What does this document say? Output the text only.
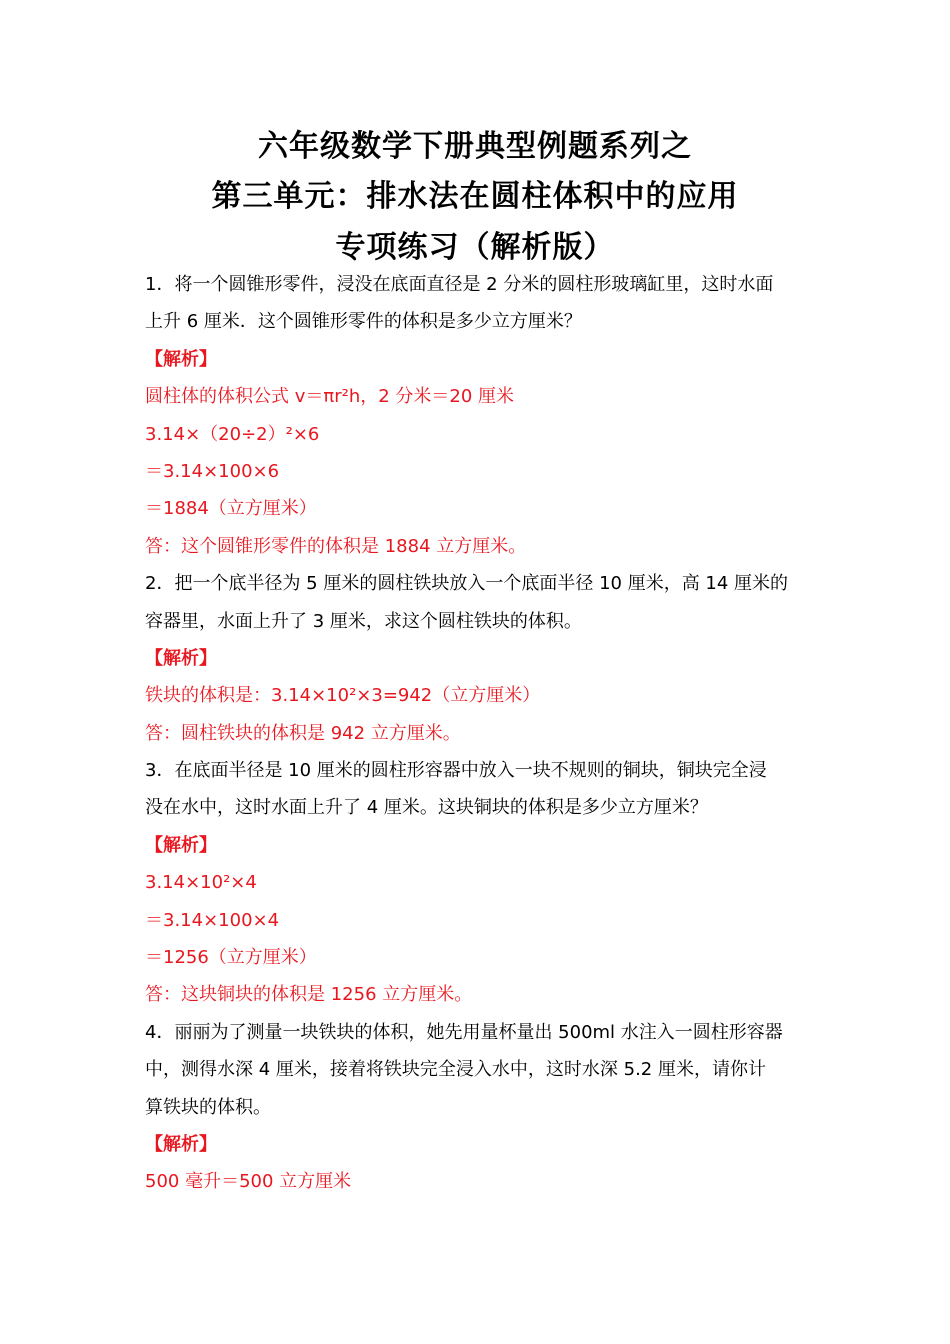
六年级数学下册典型例题系列之
第三单元：排水法在圆柱体积中的应用
专项练习（解析版）
1．将一个圆锥形零件，浸没在底面直径是 2 分米的圆柱形玻璃缸里，这时水面
上升 6 厘米．这个圆锥形零件的体积是多少立方厘米？
【解析】
圆柱体的体积公式 v＝πr²h，2 分米＝20 厘米
3.14×（20÷2）²×6
＝3.14×100×6
＝1884（立方厘米）
答：这个圆锥形零件的体积是 1884 立方厘米。
2．把一个底半径为 5 厘米的圆柱铁块放入一个底面半径 10 厘米，高 14 厘米的
容器里，水面上升了 3 厘米，求这个圆柱铁块的体积。
【解析】
铁块的体积是：3.14×10²×3=942（立方厘米）
答：圆柱铁块的体积是 942 立方厘米。
3．在底面半径是 10 厘米的圆柱形容器中放入一块不规则的铜块，铜块完全浸
没在水中，这时水面上升了 4 厘米。这块铜块的体积是多少立方厘米？
【解析】
3.14×10²×4
＝3.14×100×4
＝1256（立方厘米）
答：这块铜块的体积是 1256 立方厘米。
4．丽丽为了测量一块铁块的体积，她先用量杯量出 500ml 水注入一圆柱形容器
中，测得水深 4 厘米，接着将铁块完全浸入水中，这时水深 5.2 厘米，请你计
算铁块的体积。
【解析】
500 毫升＝500 立方厘米
